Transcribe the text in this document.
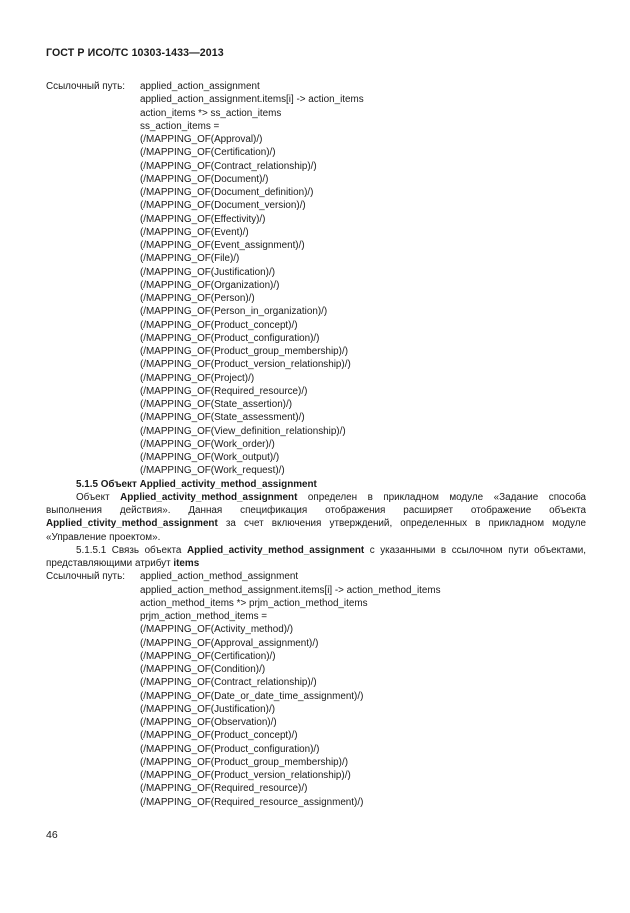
ГОСТ Р ИСО/ТС 10303-1433—2013
Ссылочный путь:	applied_action_assignment
applied_action_assignment.items[i] -> action_items
action_items *> ss_action_items
ss_action_items =
(/MAPPING_OF(Approval)/)
(/MAPPING_OF(Certification)/)
(/MAPPING_OF(Contract_relationship)/)
(/MAPPING_OF(Document)/)
(/MAPPING_OF(Document_definition)/)
(/MAPPING_OF(Document_version)/)
(/MAPPING_OF(Effectivity)/)
(/MAPPING_OF(Event)/)
(/MAPPING_OF(Event_assignment)/)
(/MAPPING_OF(File)/)
(/MAPPING_OF(Justification)/)
(/MAPPING_OF(Organization)/)
(/MAPPING_OF(Person)/)
(/MAPPING_OF(Person_in_organization)/)
(/MAPPING_OF(Product_concept)/)
(/MAPPING_OF(Product_configuration)/)
(/MAPPING_OF(Product_group_membership)/)
(/MAPPING_OF(Product_version_relationship)/)
(/MAPPING_OF(Project)/)
(/MAPPING_OF(Required_resource)/)
(/MAPPING_OF(State_assertion)/)
(/MAPPING_OF(State_assessment)/)
(/MAPPING_OF(View_definition_relationship)/)
(/MAPPING_OF(Work_order)/)
(/MAPPING_OF(Work_output)/)
(/MAPPING_OF(Work_request)/)
5.1.5 Объект Applied_activity_method_assignment
Объект Applied_activity_method_assignment определен в прикладном модуле «Задание способа выполнения действия». Данная спецификация отображения расширяет отображение объекта Applied_ctivity_method_assignment за счет включения утверждений, определенных в прикладном модуле «Управление проектом».
5.1.5.1 Связь объекта Applied_activity_method_assignment с указанными в ссылочном пути объектами, представляющими атрибут items
Ссылочный путь:	applied_action_method_assignment
applied_action_method_assignment.items[i] -> action_method_items
action_method_items *> prjm_action_method_items
prjm_action_method_items =
(/MAPPING_OF(Activity_method)/)
(/MAPPING_OF(Approval_assignment)/)
(/MAPPING_OF(Certification)/)
(/MAPPING_OF(Condition)/)
(/MAPPING_OF(Contract_relationship)/)
(/MAPPING_OF(Date_or_date_time_assignment)/)
(/MAPPING_OF(Justification)/)
(/MAPPING_OF(Observation)/)
(/MAPPING_OF(Product_concept)/)
(/MAPPING_OF(Product_configuration)/)
(/MAPPING_OF(Product_group_membership)/)
(/MAPPING_OF(Product_version_relationship)/)
(/MAPPING_OF(Required_resource)/)
(/MAPPING_OF(Required_resource_assignment)/)
46
